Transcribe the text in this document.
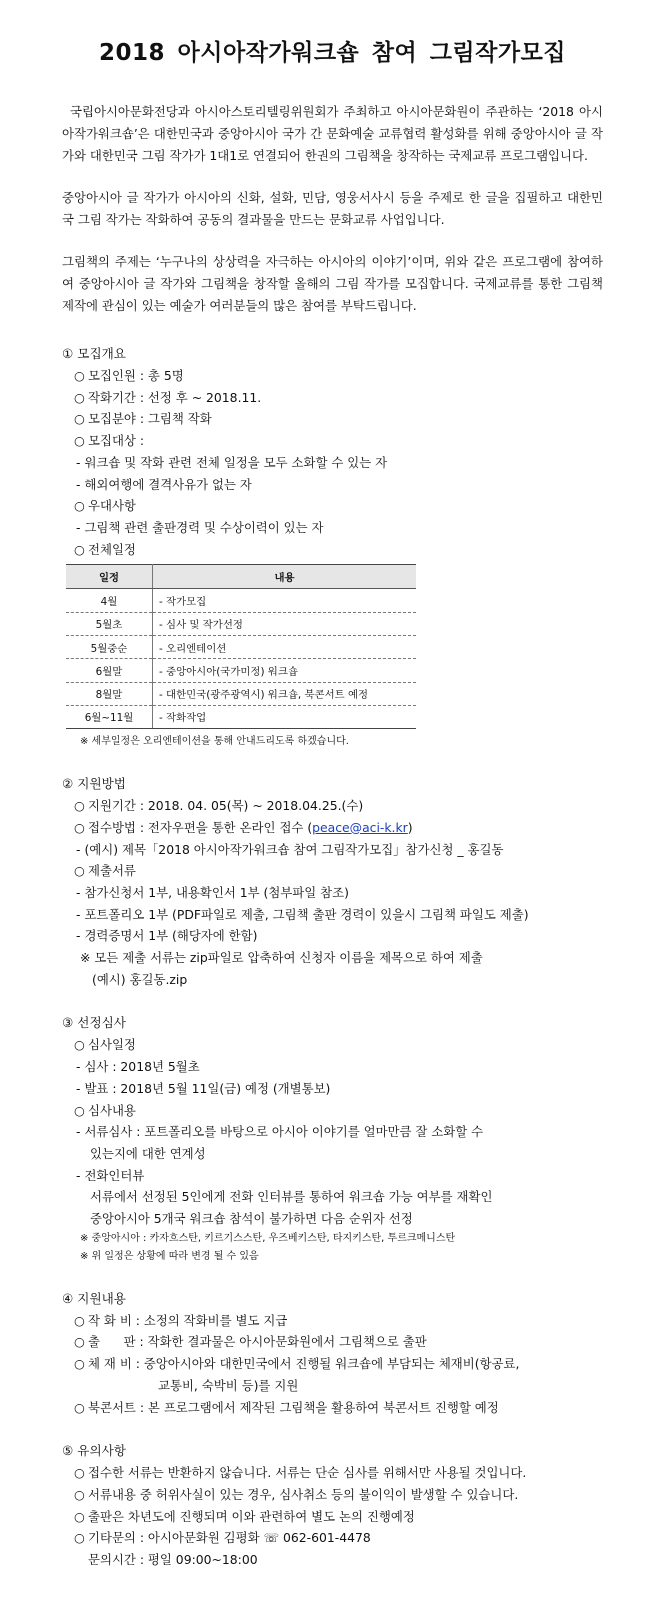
2018 아시아작가워크숍 참여 그림작가모집

국립아시아문화전당과 아시아스토리텔링위원회가 주최하고 아시아문화원이 주관하는 ‘2018 아시아작가워크숍’은 대한민국과 중앙아시아 국가 간 문화예술 교류협력 활성화를 위해 중앙아시아 글 작가와 대한민국 그림 작가가 1대1로 연결되어 한권의 그림책을 창작하는 국제교류 프로그램입니다.

중앙아시아 글 작가가 아시아의 신화, 설화, 민담, 영웅서사시 등을 주제로 한 글을 집필하고 대한민국 그림 작가는 작화하여 공동의 결과물을 만드는 문화교류 사업입니다.

그림책의 주제는 ‘누구나의 상상력을 자극하는 아시아의 이야기’이며, 위와 같은 프로그램에 참여하여 중앙아시아 글 작가와 그림책을 창작할 올해의 그림 작가를 모집합니다. 국제교류를 통한 그림책 제작에 관심이 있는 예술가 여러분들의 많은 참여를 부탁드립니다.

① 모집개요
○ 모집인원 : 총 5명
○ 작화기간 : 선정 후 ~ 2018.11.
○ 모집분야 : 그림책 작화
○ 모집대상 :
- 워크숍 및 작화 관련 전체 일정을 모두 소화할 수 있는 자
- 해외여행에 결격사유가 없는 자
○ 우대사항
- 그림책 관련 출판경력 및 수상이력이 있는 자
○ 전체일정
일정	내용
4월	- 작가모집
5월초	- 심사 및 작가선정
5월중순	- 오리엔테이션
6월말	- 중앙아시아(국가미정) 워크숍
8월말	- 대한민국(광주광역시) 워크숍, 북콘서트 예정
6월~11월	- 작화작업
※ 세부일정은 오리엔테이션을 통해 안내드리도록 하겠습니다.
② 지원방법
○ 지원기간 : 2018. 04. 05(목) ~ 2018.04.25.(수)
○ 접수방법 : 전자우편을 통한 온라인 접수 (peace@aci-k.kr)
- (예시) 제목「2018 아시아작가워크숍 참여 그림작가모집」참가신청 _ 홍길동
○ 제출서류
- 참가신청서 1부, 내용확인서 1부 (첨부파일 참조)
- 포트폴리오 1부 (PDF파일로 제출, 그림책 출판 경력이 있을시 그림책 파일도 제출)
- 경력증명서 1부 (해당자에 한함)
※ 모든 제출 서류는 zip파일로 압축하여 신청자 이름을 제목으로 하여 제출
(예시) 홍길동.zip
③ 선정심사
○ 심사일정
- 심사 : 2018년 5월초
- 발표 : 2018년 5월 11일(금) 예정 (개별통보)
○ 심사내용
- 서류심사 : 포트폴리오를 바탕으로 아시아 이야기를 얼마만큼 잘 소화할 수
있는지에 대한 연계성
- 전화인터뷰
서류에서 선정된 5인에게 전화 인터뷰를 통하여 워크숍 가능 여부를 재확인
중앙아시아 5개국 워크숍 참석이 불가하면 다음 순위자 선정
※ 중앙아시아 : 카자흐스탄, 키르기스스탄, 우즈베키스탄, 타지키스탄, 투르크메니스탄
※ 위 일정은 상황에 따라 변경 될 수 있음
④ 지원내용
○ 작 화 비 : 소정의 작화비를 별도 지급
○ 출      판 : 작화한 결과물은 아시아문화원에서 그림책으로 출판
○ 체 재 비 : 중앙아시아와 대한민국에서 진행될 워크숍에 부담되는 체재비(항공료,
교통비, 숙박비 등)를 지원
○ 북콘서트 : 본 프로그램에서 제작된 그림책을 활용하여 북콘서트 진행할 예정
⑤ 유의사항
○ 접수한 서류는 반환하지 않습니다. 서류는 단순 심사를 위해서만 사용될 것입니다.
○ 서류내용 중 허위사실이 있는 경우, 심사취소 등의 불이익이 발생할 수 있습니다.
○ 출판은 차년도에 진행되며 이와 관련하여 별도 논의 진행예정
○ 기타문의 : 아시아문화원 김평화 ☏ 062-601-4478
문의시간 : 평일 09:00~18:00
